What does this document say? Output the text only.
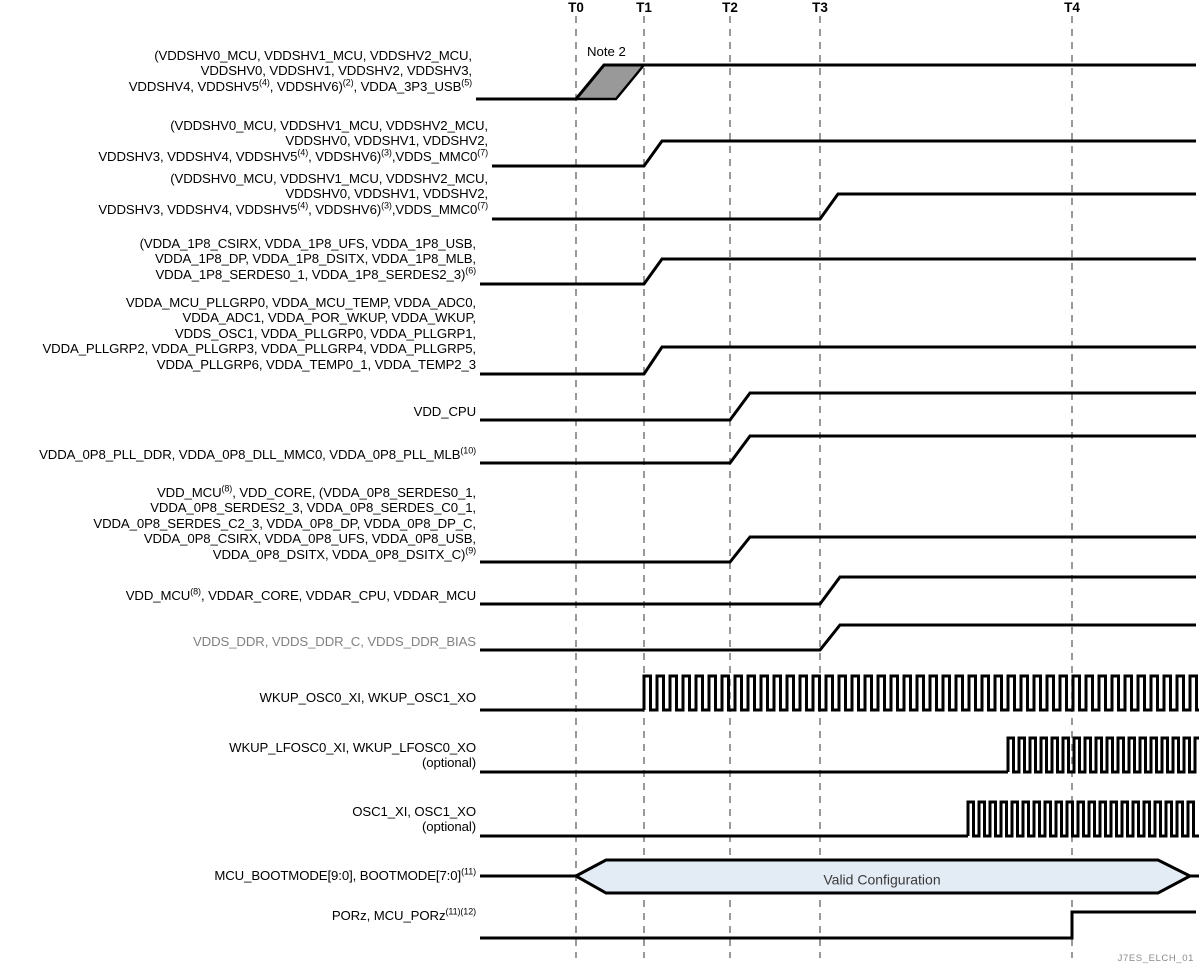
Valid Configuration
T0	T1	T2	T3	T4
Note 2
(VDDSHV0_MCU, VDDSHV1_MCU, VDDSHV2_MCU,
VDDSHV0, VDDSHV1, VDDSHV2, VDDSHV3,
VDDSHV4, VDDSHV5$^{(4)}$, VDDSHV6)$^{(2)}$, VDDA_3P3_USB$^{(5)}$
(VDDSHV0_MCU, VDDSHV1_MCU, VDDSHV2_MCU,
VDDSHV0, VDDSHV1, VDDSHV2,
VDDSHV3, VDDSHV4, VDDSHV5$^{(4)}$, VDDSHV6)$^{(3)}$,VDDS_MMC0$^{(7)}$
(VDDSHV0_MCU, VDDSHV1_MCU, VDDSHV2_MCU,
VDDSHV0, VDDSHV1, VDDSHV2,
VDDSHV3, VDDSHV4, VDDSHV5$^{(4)}$, VDDSHV6)$^{(3)}$,VDDS_MMC0$^{(7)}$
(VDDA_1P8_CSIRX, VDDA_1P8_UFS, VDDA_1P8_USB,
VDDA_1P8_DP, VDDA_1P8_DSITX, VDDA_1P8_MLB,
VDDA_1P8_SERDES0_1, VDDA_1P8_SERDES2_3)$^{(6)}$
VDDA_MCU_PLLGRP0, VDDA_MCU_TEMP, VDDA_ADC0,
VDDA_ADC1, VDDA_POR_WKUP, VDDA_WKUP,
VDDS_OSC1, VDDA_PLLGRP0, VDDA_PLLGRP1,
VDDA_PLLGRP2, VDDA_PLLGRP3, VDDA_PLLGRP4, VDDA_PLLGRP5,
VDDA_PLLGRP6, VDDA_TEMP0_1, VDDA_TEMP2_3
VDD_CPU
VDDA_0P8_PLL_DDR, VDDA_0P8_DLL_MMC0, VDDA_0P8_PLL_MLB$^{(10)}$
VDD_MCU$^{(8)}$, VDD_CORE, (VDDA_0P8_SERDES0_1,
VDDA_0P8_SERDES2_3, VDDA_0P8_SERDES_C0_1,
VDDA_0P8_SERDES_C2_3, VDDA_0P8_DP, VDDA_0P8_DP_C,
VDDA_0P8_CSIRX, VDDA_0P8_UFS, VDDA_0P8_USB,
VDDA_0P8_DSITX, VDDA_0P8_DSITX_C)$^{(9)}$
VDD_MCU$^{(8)}$, VDDAR_CORE, VDDAR_CPU, VDDAR_MCU
VDDS_DDR, VDDS_DDR_C, VDDS_DDR_BIAS
WKUP_OSC0_XI, WKUP_OSC1_XO
WKUP_LFOSC0_XI, WKUP_LFOSC0_XO
(optional)
OSC1_XI, OSC1_XO
(optional)
MCU_BOOTMODE[9:0], BOOTMODE[7:0]$^{(11)}$
PORz, MCU_PORz$^{(11)(12)}$
J7ES_ELCH_01
